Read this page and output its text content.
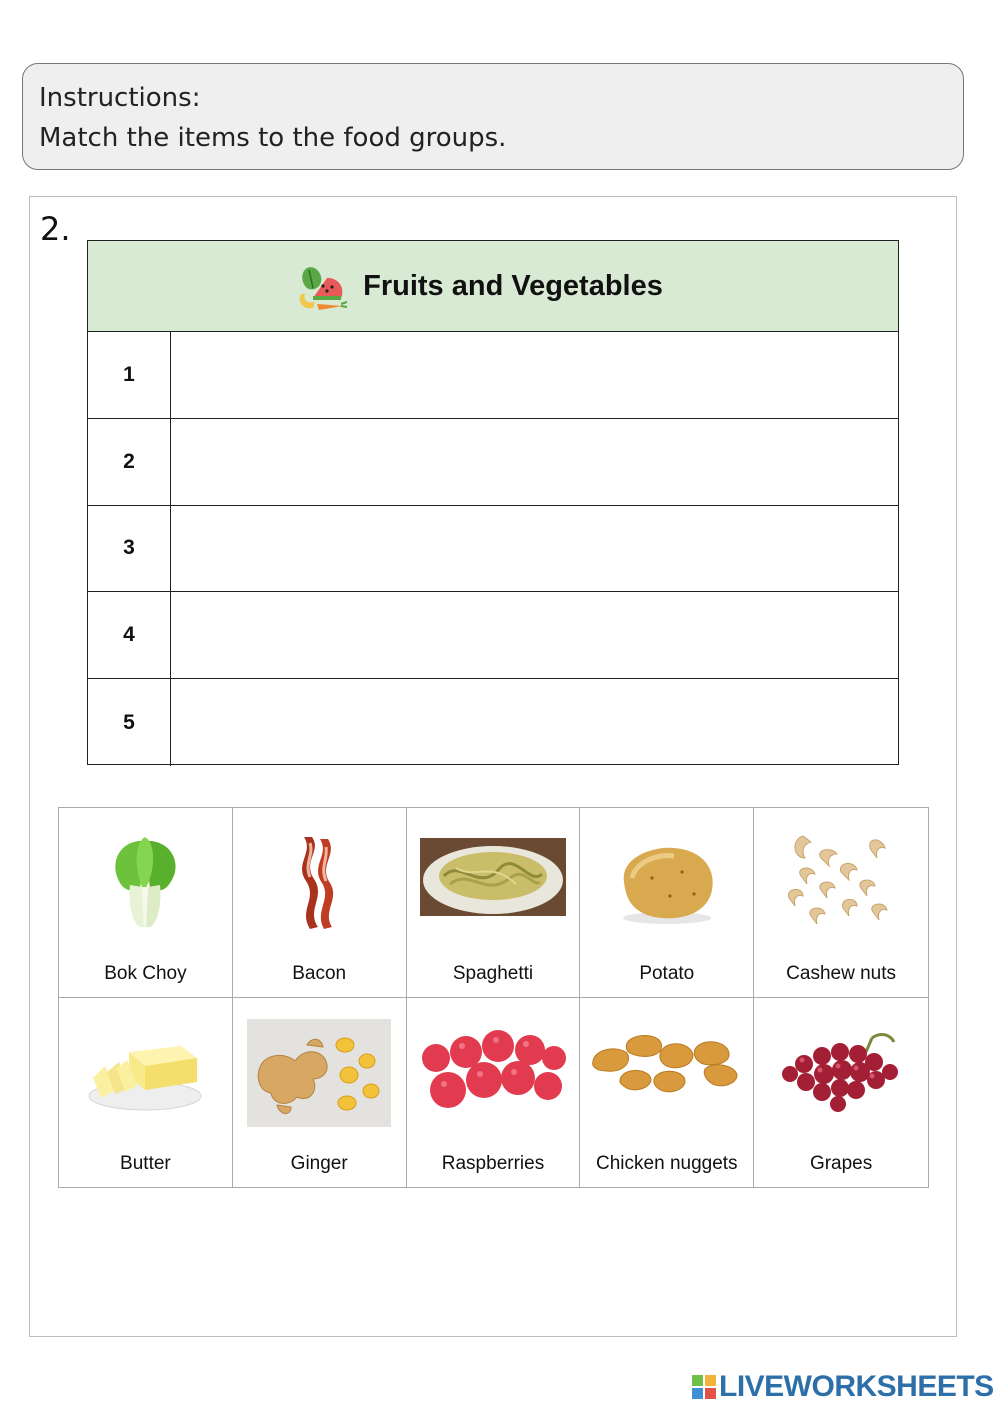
Instructions:
Match the items to the food groups.
2.
Fruits and Vegetables
1
2
3
4
5
Bok Choy	Bacon	Spaghetti	Potato	Cashew nuts
Butter	Ginger	Raspberries	Chicken nuggets	Grapes
LIVEWORKSHEETS
